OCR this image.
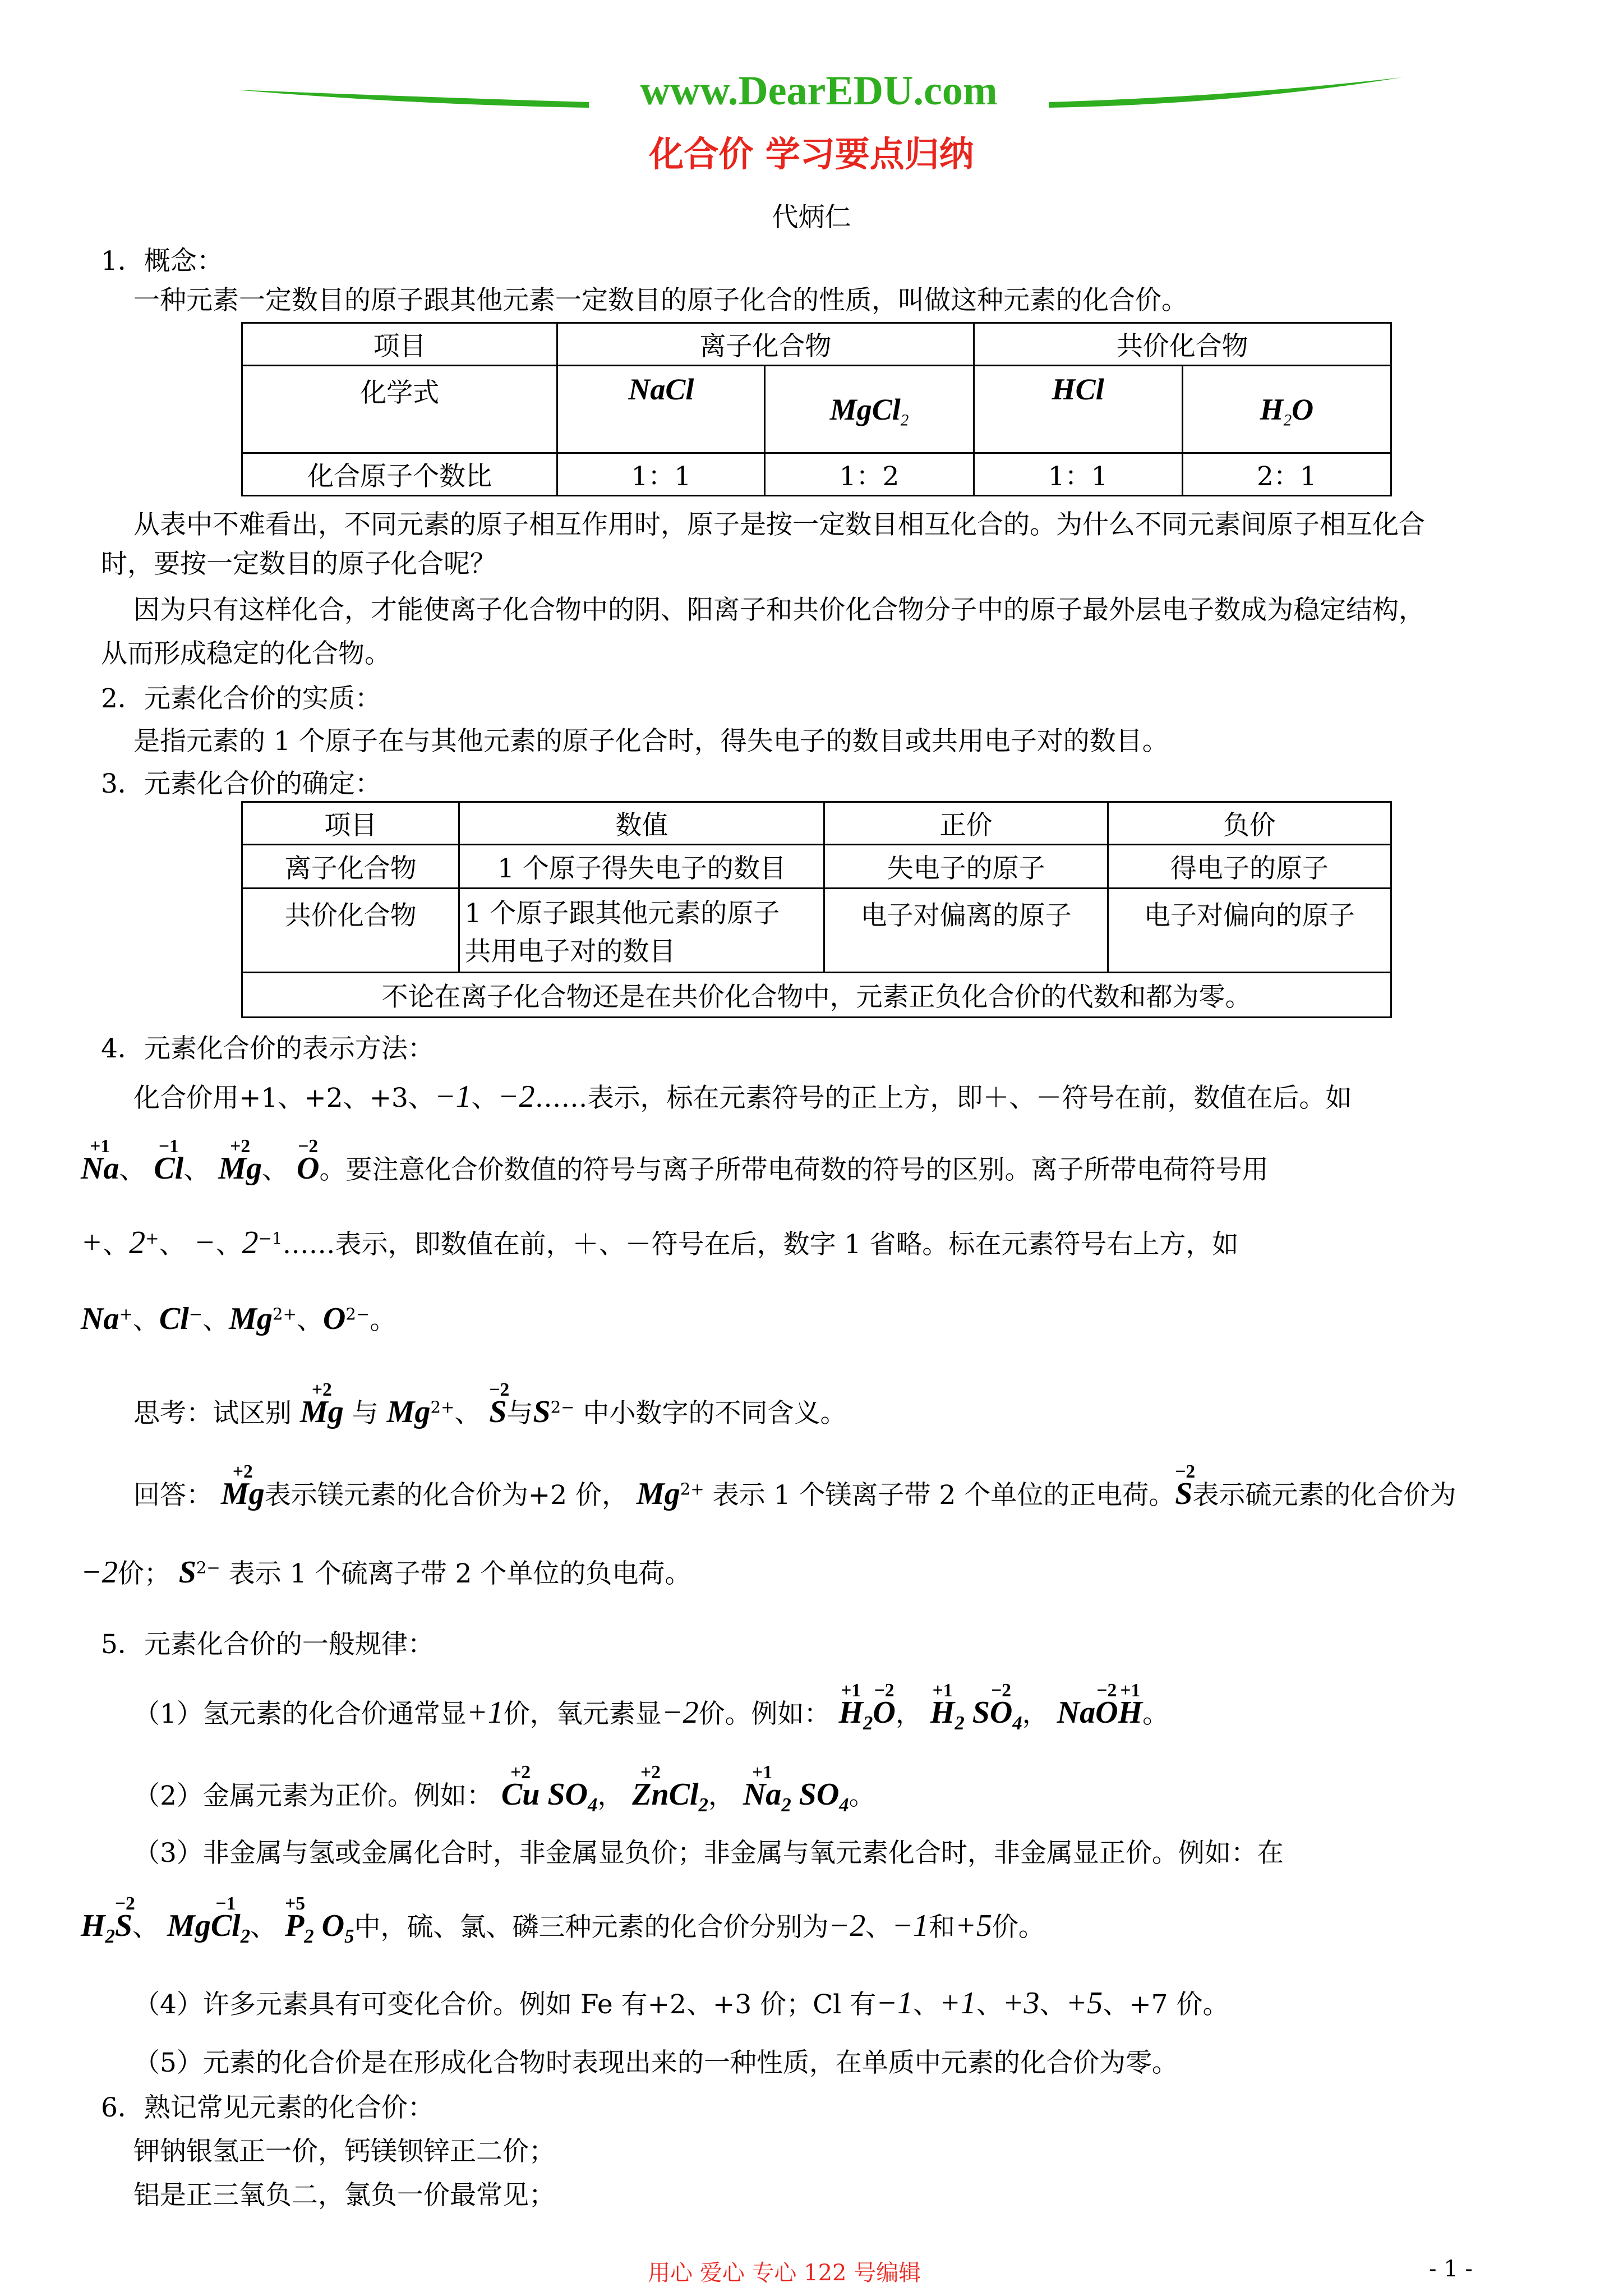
www.DearEDU.com
化合价 学习要点归纳
代炳仁
1．概念：
一种元素一定数目的原子跟其他元素一定数目的原子化合的性质，叫做这种元素的化合价。
项目	离子化合物		共价化合物	
化学式	NaCl	MgCl$_2$	HCl	$H_2O$
化合原子个数比	1：1	1：2	1：1	2：1
从表中不难看出，不同元素的原子相互作用时，原子是按一定数目相互化合的。为什么不同元素间原子相互化合
时，要按一定数目的原子化合呢？
因为只有这样化合，才能使离子化合物中的阴、阳离子和共价化合物分子中的原子最外层电子数成为稳定结构，
从而形成稳定的化合物。
2．元素化合价的实质：
是指元素的 1 个原子在与其他元素的原子化合时，得失电子的数目或共用电子对的数目。
3．元素化合价的确定：
项目	数值	正价	负价
离子化合物	1 个原子得失电子的数目	失电子的原子	得电子的原子
共价化合物	1 个原子跟其他元素的原子
共用电子对的数目	电子对偏离的原子	电子对偏向的原子
不论在离子化合物还是在共价化合物中，元素正负化合价的代数和都为零。			
4．元素化合价的表示方法：
化合价用+1、+2、+3、−1、−2……表示，标在元素符号的正上方，即＋、－符号在前，数值在后。如
+1
Na、
−1
Cl、
+2
Mg、
−2
O。要注意化合价数值的符号与离子所带电荷数的符号的区别。离子所带电荷符号用
+、2+、 −、$2^{-1}\dots\dots$表示，即数值在前，＋、－符号在后，数字 1 省略。标在元素符号右上方，如
Na+、Cl−、$Mg^{2+}$、$O^{2-}$。
思考：试区别
+2
Mg 与 $Mg^{2+}$、
−2
S与$S^{2-}$ 中小数字的不同含义。
回答：
+2
Mg表示镁元素的化合价为+2 价， $Mg^{2+}$ 表示 1 个镁离子带 2 个单位的正电荷。
−2
S表示硫元素的化合价为
−2价； $S^{2-}$ 表示 1 个硫离子带 2 个单位的负电荷。
5．元素化合价的一般规律：
（1）氢元素的化合价通常显+1价，氧元素显−2价。例如：
+1
$H_2$
−2
O，
+1
$H_2$ S
−2
$O_4$， Na
−2
O
+1
H。
（2）金属元素为正价。例如：
+2
Cu $SO_4$，
+2
ZnCl$_2$，
+1
$Na_2$ $SO_4$。
（3）非金属与氢或金属化合时，非金属显负价；非金属与氧元素化合时，非金属显正价。例如：在
$H_2$
−2
S、 Mg
−1
$Cl_2$、
+5
$P_2$ $O_5$中，硫、氯、磷三种元素的化合价分别为−2、−1和+5价。
（4）许多元素具有可变化合价。例如 Fe 有+2、+3 价；Cl 有−1、+1、+3、+5、+7 价。
（5）元素的化合价是在形成化合物时表现出来的一种性质，在单质中元素的化合价为零。
6．熟记常见元素的化合价：
钾钠银氢正一价，钙镁钡锌正二价；
铝是正三氧负二，氯负一价最常见；
用心 爱心 专心 122 号编辑	- 1 -
